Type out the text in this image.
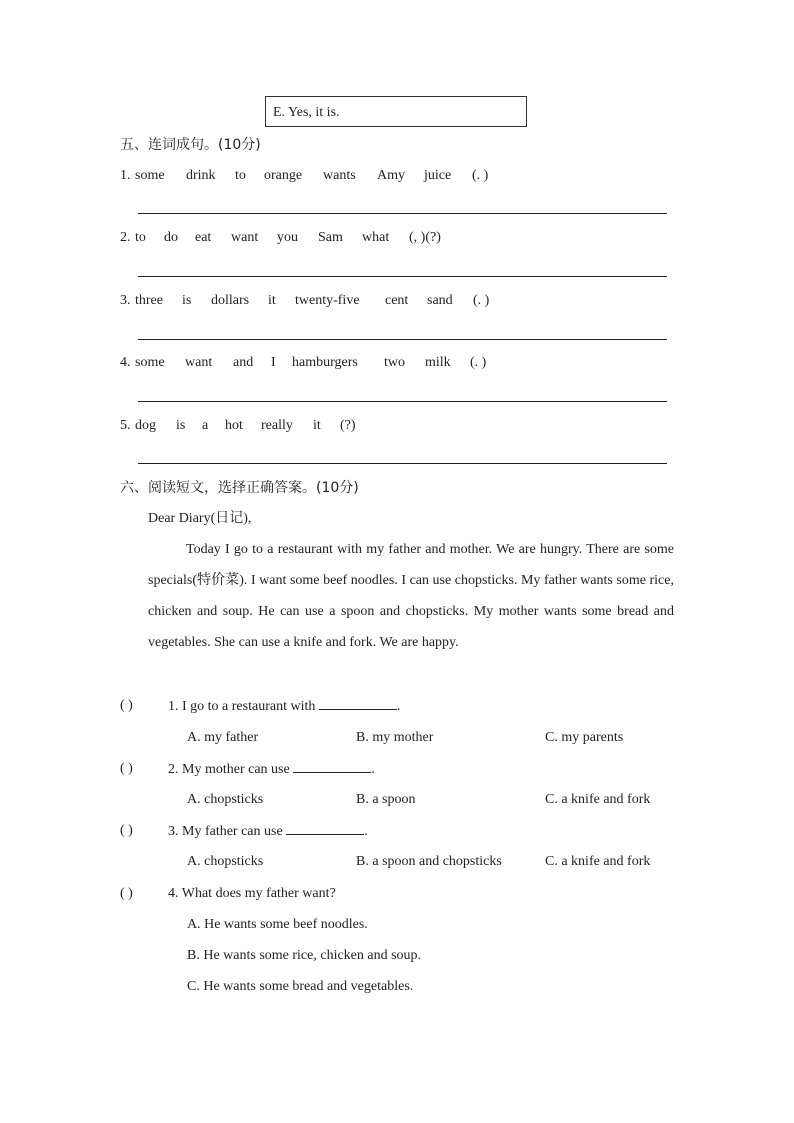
E. Yes, it is.
五、连词成句。(10分)
1. some drink to orange wants Amy juice (. )
2. to do eat want you Sam what (, )(?)
3. three is dollars it twenty-five cent sand (. )
4. some want and I hamburgers two milk (. )
5. dog is a hot really it (?)
六、阅读短文，选择正确答案。(10分)
Dear Diary(日记),

Today I go to a restaurant with my father and mother. We are hungry. There are some specials(特价菜). I want some beef noodles. I can use chopsticks. My father wants some rice, chicken and soup. He can use a spoon and chopsticks. My mother wants some bread and vegetables. She can use a knife and fork. We are happy.

( )	1. I go to a restaurant with	.
A. my father	B. my mother	C. my parents
( )	2. My mother can use	.
A. chopsticks	B. a spoon	C. a knife and fork
( )	3. My father can use	.
A. chopsticks	B. a spoon and chopsticks	C. a knife and fork
( )	4. What does my father want?
A. He wants some beef noodles.
B. He wants some rice, chicken and soup.
C. He wants some bread and vegetables.
